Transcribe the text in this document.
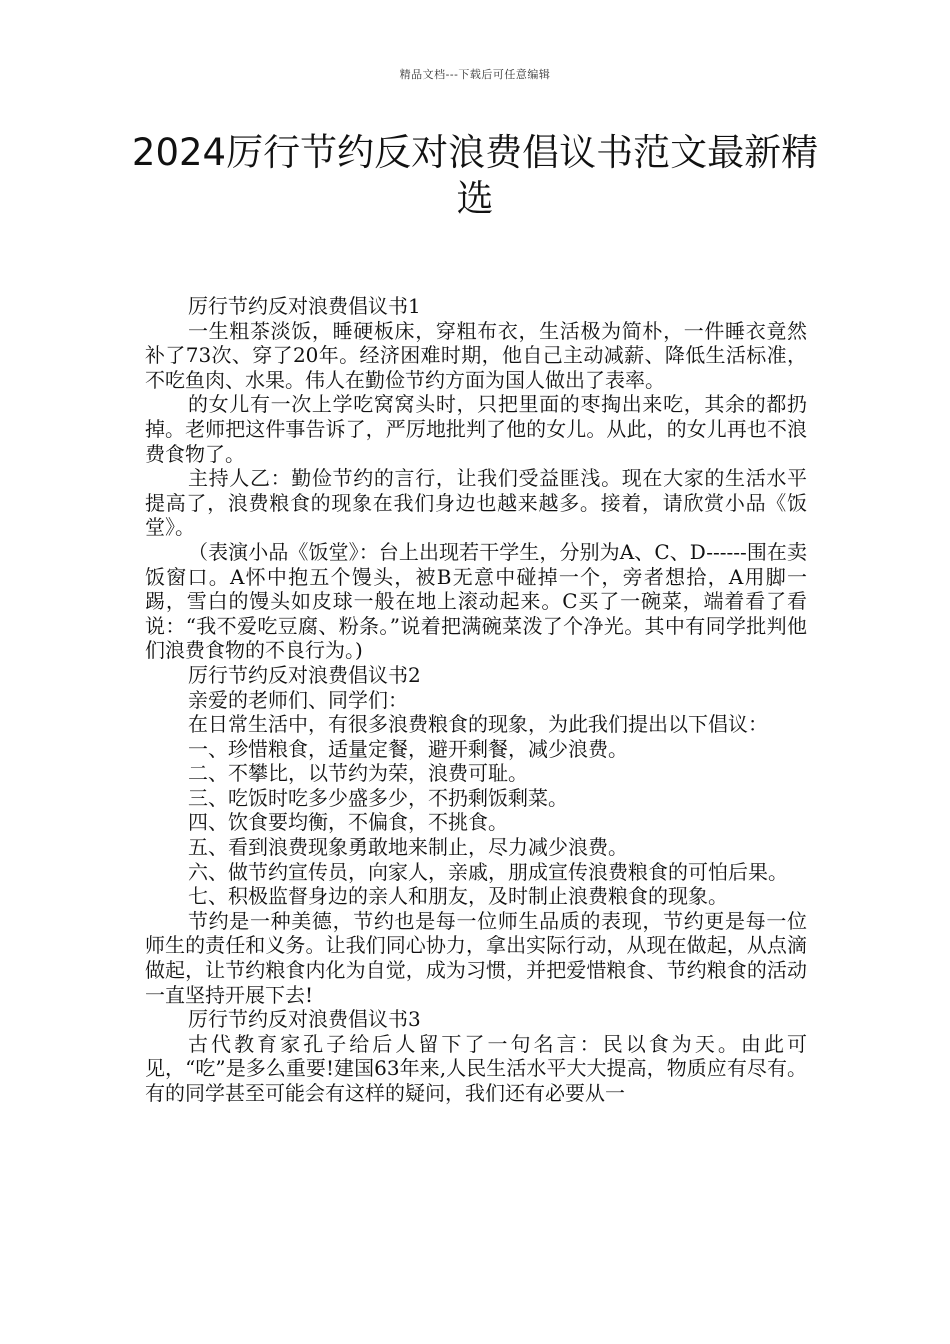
精品文档---下载后可任意编辑
2024厉行节约反对浪费倡议书范文最新精选

厉行节约反对浪费倡议书1

一生粗茶淡饭，睡硬板床，穿粗布衣，生活极为简朴，一件睡衣竟然补了73次、穿了20年。经济困难时期，他自己主动减薪、降低生活标准，不吃鱼肉、水果。伟人在勤俭节约方面为国人做出了表率。

的女儿有一次上学吃窝窝头时，只把里面的枣掏出来吃，其余的都扔掉。老师把这件事告诉了，严厉地批判了他的女儿。从此，的女儿再也不浪费食物了。

主持人乙：勤俭节约的言行，让我们受益匪浅。现在大家的生活水平提高了，浪费粮食的现象在我们身边也越来越多。接着，请欣赏小品《饭堂》。

（表演小品《饭堂》：台上出现若干学生，分别为A、C、D------围在卖饭窗口。A怀中抱五个馒头，被B无意中碰掉一个，旁者想拾，A用脚一踢，雪白的馒头如皮球一般在地上滚动起来。C买了一碗菜，端着看了看说：“我不爱吃豆腐、粉条。”说着把满碗菜泼了个净光。其中有同学批判他们浪费食物的不良行为。)

厉行节约反对浪费倡议书2

亲爱的老师们、同学们：

在日常生活中，有很多浪费粮食的现象，为此我们提出以下倡议：

一、珍惜粮食，适量定餐，避开剩餐，减少浪费。

二、不攀比，以节约为荣，浪费可耻。

三、吃饭时吃多少盛多少，不扔剩饭剩菜。

四、饮食要均衡，不偏食，不挑食。

五、看到浪费现象勇敢地来制止，尽力减少浪费。

六、做节约宣传员，向家人，亲戚，朋成宣传浪费粮食的可怕后果。

七、积极监督身边的亲人和朋友，及时制止浪费粮食的现象。

节约是一种美德，节约也是每一位师生品质的表现，节约更是每一位师生的责任和义务。让我们同心协力，拿出实际行动，从现在做起，从点滴做起，让节约粮食内化为自觉，成为习惯，并把爱惜粮食、节约粮食的活动一直坚持开展下去!

厉行节约反对浪费倡议书3

古代教育家孔子给后人留下了一句名言：民以食为天。由此可见，“吃”是多么重要!建国63年来,人民生活水平大大提高，物质应有尽有。有的同学甚至可能会有这样的疑问，我们还有必要从一
